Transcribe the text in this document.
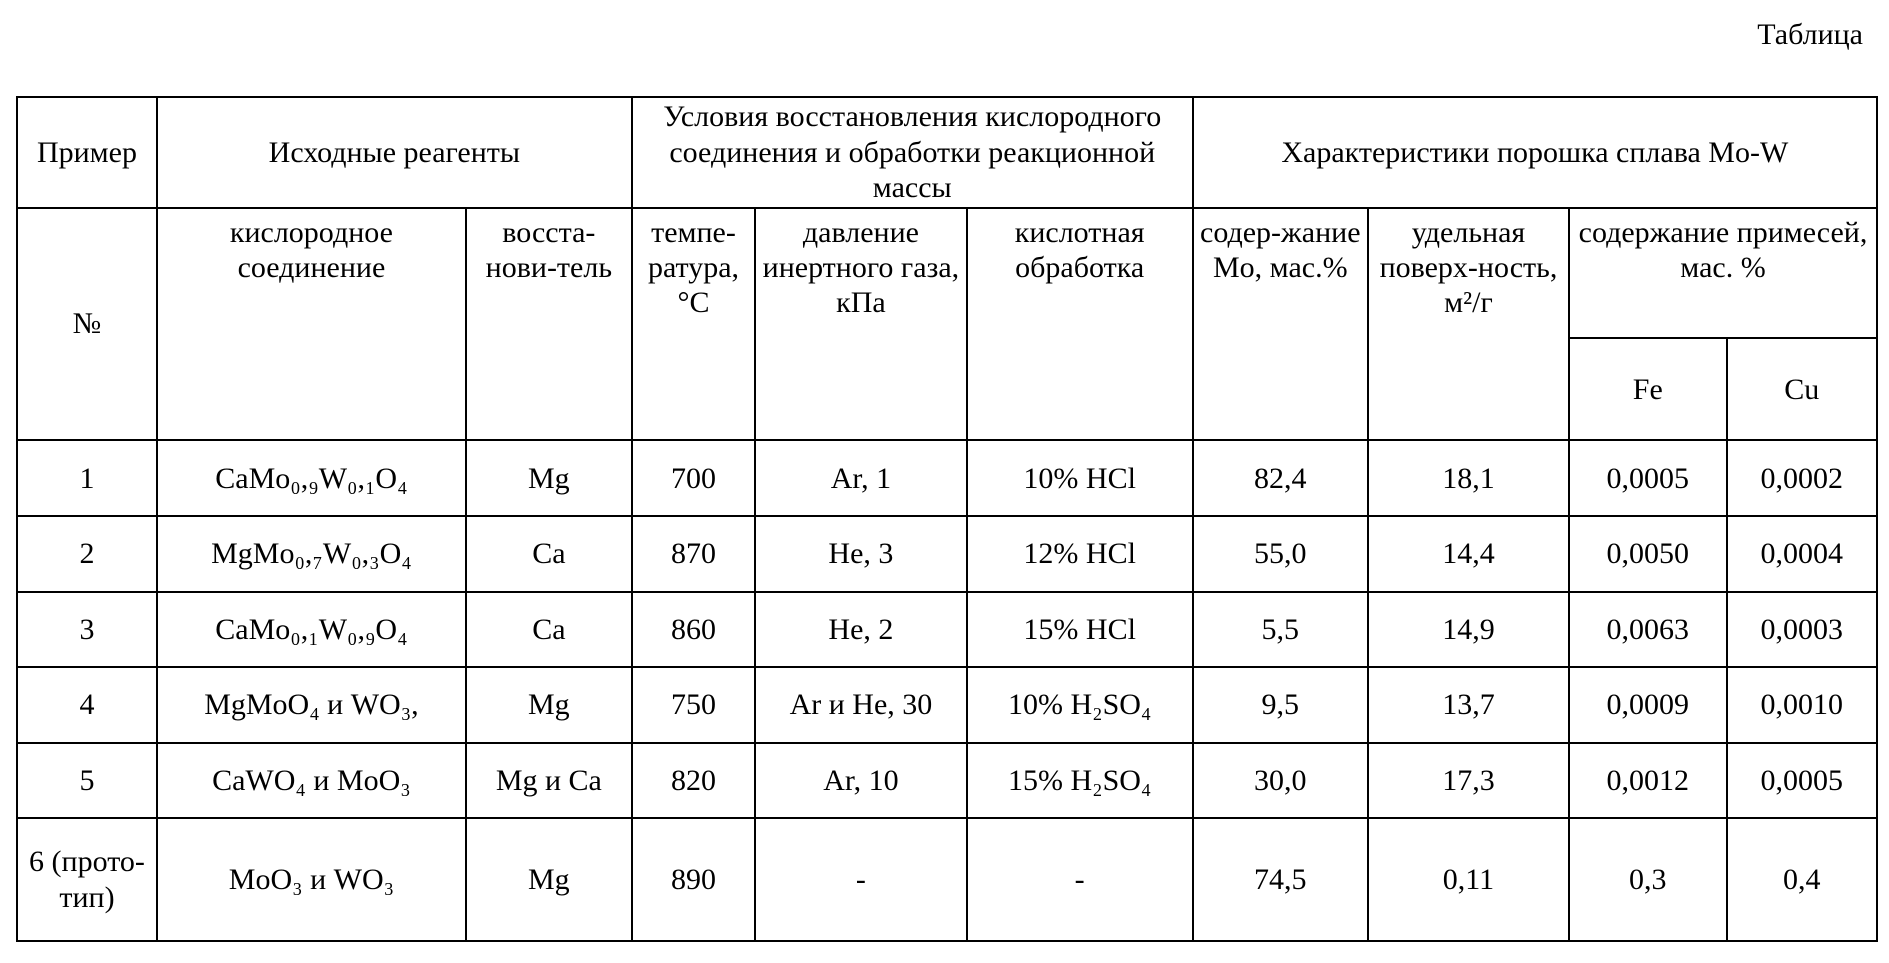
Таблица
Пример	Исходные реагенты		Условия восстановления кислородного соединения и обработки реакционной массы			Характеристики порошка сплава Mo-W			
№	кислородное соединение	восста-нови-тель	темпе-ратура, °C	давление инертного газа, кПа	кислотная обработка	содер-жание Mo, мас.%	удельная поверх-ность, м²/г	содержание примесей, мас. %	
								Fe	Cu
1	CaMo₀,₉W₀,₁O₄	Mg	700	Ar, 1	10% HCl	82,4	18,1	0,0005	0,0002
2	MgMo₀,₇W₀,₃O₄	Ca	870	He, 3	12% HCl	55,0	14,4	0,0050	0,0004
3	CaMo₀,₁W₀,₉O₄	Ca	860	He, 2	15% HCl	5,5	14,9	0,0063	0,0003
4	MgMoO₄ и WO₃,	Mg	750	Ar и He, 30	10% H₂SO₄	9,5	13,7	0,0009	0,0010
5	CaWO₄ и MoO₃	Mg и Ca	820	Ar, 10	15% H₂SO₄	30,0	17,3	0,0012	0,0005
6 (прото-тип)	MoO₃ и WO₃	Mg	890	-	-	74,5	0,11	0,3	0,4
